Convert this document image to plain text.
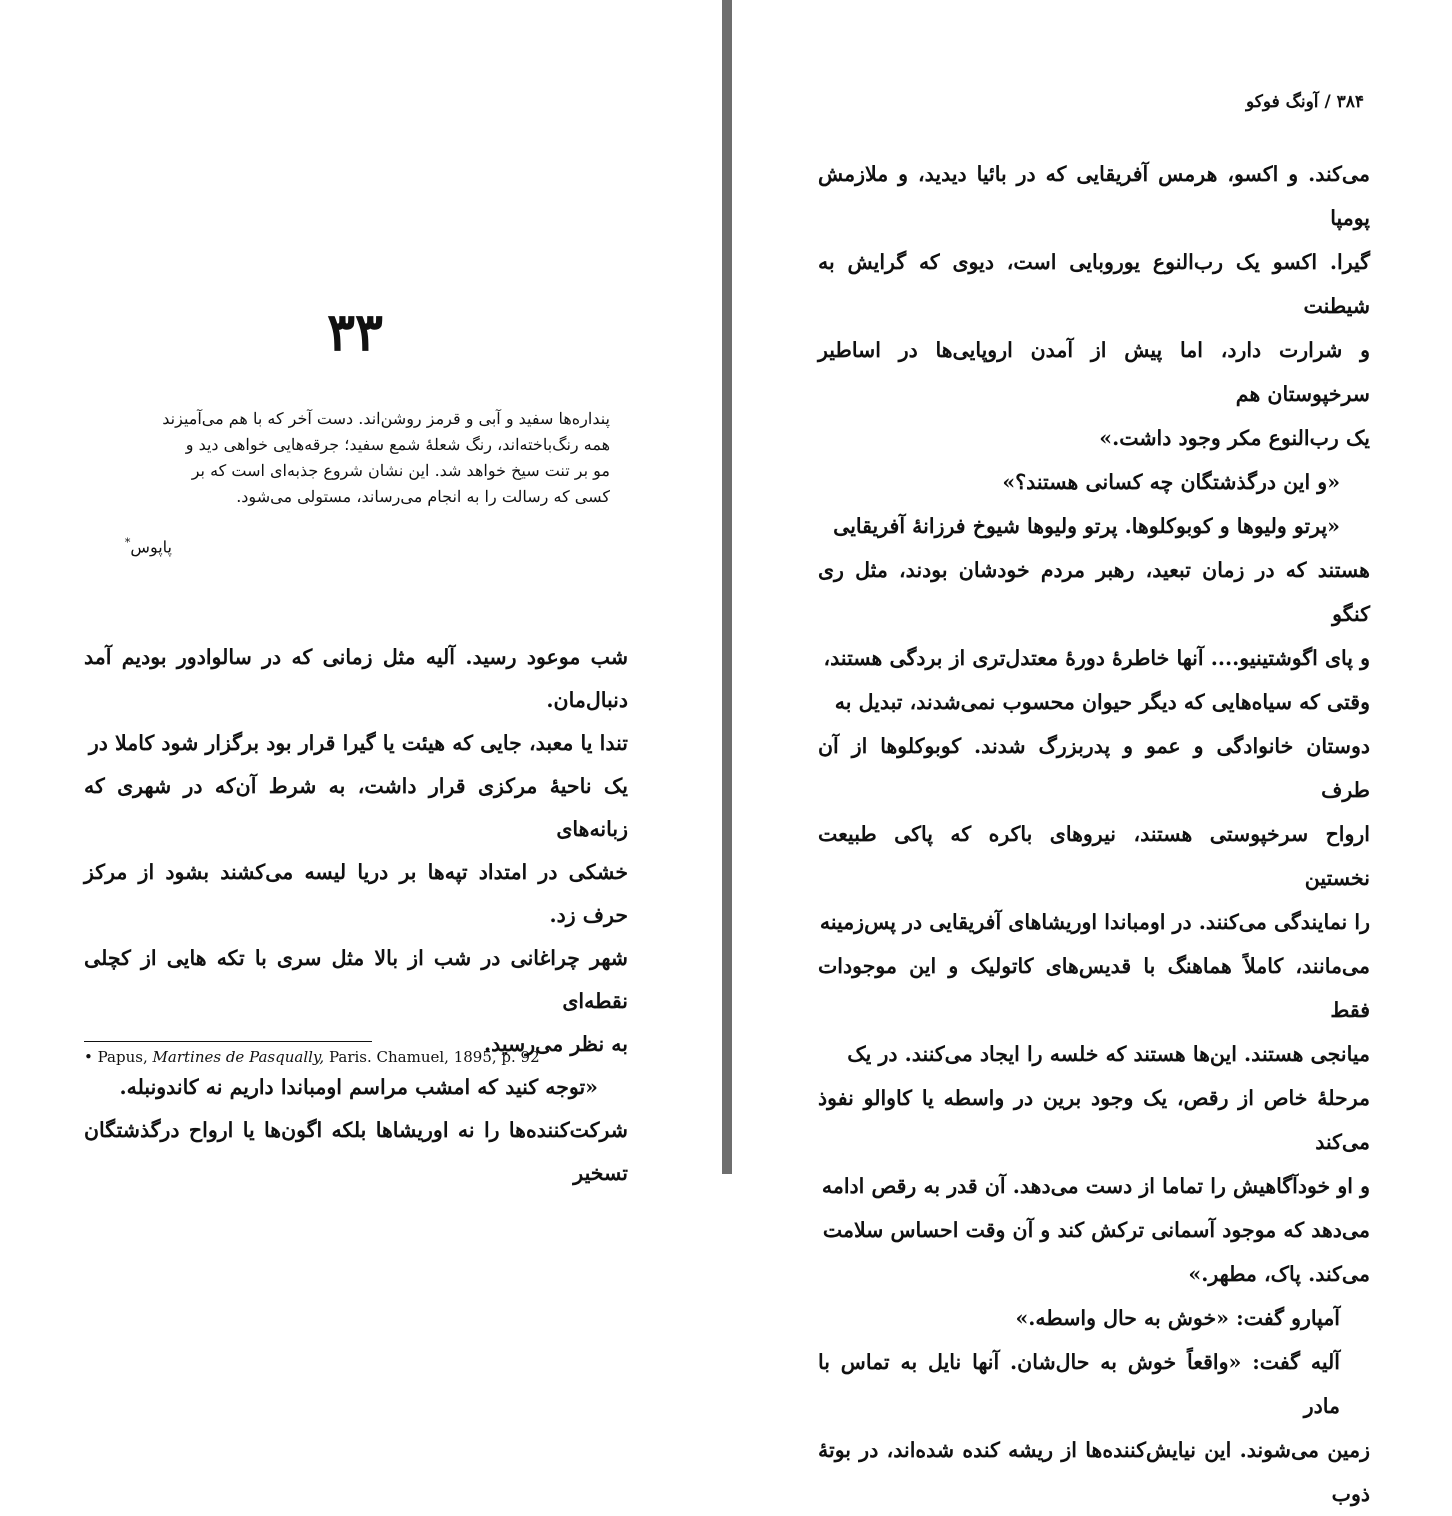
۳۳
پنداره‌ها سفید و آبی و قرمز روشن‌اند. دست آخر که با هم می‌آمیزند
همه رنگ‌باخته‌اند، رنگ شعلهٔ شمع سفید؛ جرقه‌هایی خواهی دید و
مو بر تنت سیخ خواهد شد. این نشان شروع جذبه‌ای است که بر
کسی که رسالت را به انجام می‌رساند، مستولی می‌شود.
پاپوس*

شب موعود رسید. آلیه مثل زمانی که در سالوادور بودیم آمد دنبال‌مان.

تندا یا معبد، جایی که هیئت یا گیرا قرار بود برگزار شود کاملا در

یک ناحیهٔ مرکزی قرار داشت، به شرط آن‌که در شهری که زبانه‌های

خشکی در امتداد تپه‌ها بر دریا لیسه می‌کشند بشود از مرکز حرف زد.

شهر چراغانی در شب از بالا مثل سری با تکه هایی از کچلی نقطه‌ای

به نظر می‌رسید.

«توجه کنید که امشب مراسم اومباندا داریم نه کاندونبله.

شرکت‌کننده‌ها را نه اوریشاها بلکه اگون‌ها یا ارواح درگذشتگان تسخیر

• Papus, Martines de Pasqually, Paris. Chamuel, 1895, p. 92
۳۸۴ / آونگ فوکو

می‌کند. و اکسو، هرمس آفریقایی که در بائیا دیدید، و ملازمش پومپا

گیرا. اکسو یک رب‌النوع یوروبایی است، دیوی که گرایش به شیطنت

و شرارت دارد، اما پیش از آمدن اروپایی‌ها در اساطیر سرخپوستان هم

یک رب‌النوع مکر وجود داشت.»

«و این درگذشتگان چه کسانی هستند؟»

«پرتو ولیوها و کوبوکلوها. پرتو ولیوها شیوخ فرزانهٔ آفریقایی

هستند که در زمان تبعید، رهبر مردم خودشان بودند، مثل ری کنگو

و پای اگوشتینیو.... آنها خاطرهٔ دورهٔ معتدل‌تری از بردگی هستند،

وقتی که سیاه‌هایی که دیگر حیوان محسوب نمی‌شدند، تبدیل به

دوستان خانوادگی و عمو و پدربزرگ شدند. کوبوکلوها از آن طرف

ارواح سرخپوستی هستند، نیروهای باکره که پاکی طبیعت نخستین

را نمایندگی می‌کنند. در اومباندا اوریشاهای آفریقایی در پس‌زمینه

می‌مانند، کاملاً هماهنگ با قدیس‌های کاتولیک و این موجودات فقط

میانجی هستند. این‌ها هستند که خلسه را ایجاد می‌کنند. در یک

مرحلهٔ خاص از رقص، یک وجود برین در واسطه یا کاوالو نفوذ می‌کند

و او خودآگاهیش را تماما از دست می‌دهد. آن قدر به رقص ادامه

می‌دهد که موجود آسمانی ترکش کند و آن وقت احساس سلامت

می‌کند. پاک، مطهر.»

آمپارو گفت: «خوش به حال واسطه.»

آلیه گفت: «واقعاً خوش به حال‌شان. آنها نایل به تماس با مادر

زمین می‌شوند. این نیایش‌کننده‌ها از ریشه کنده شده‌اند، در بوتهٔ ذوب
